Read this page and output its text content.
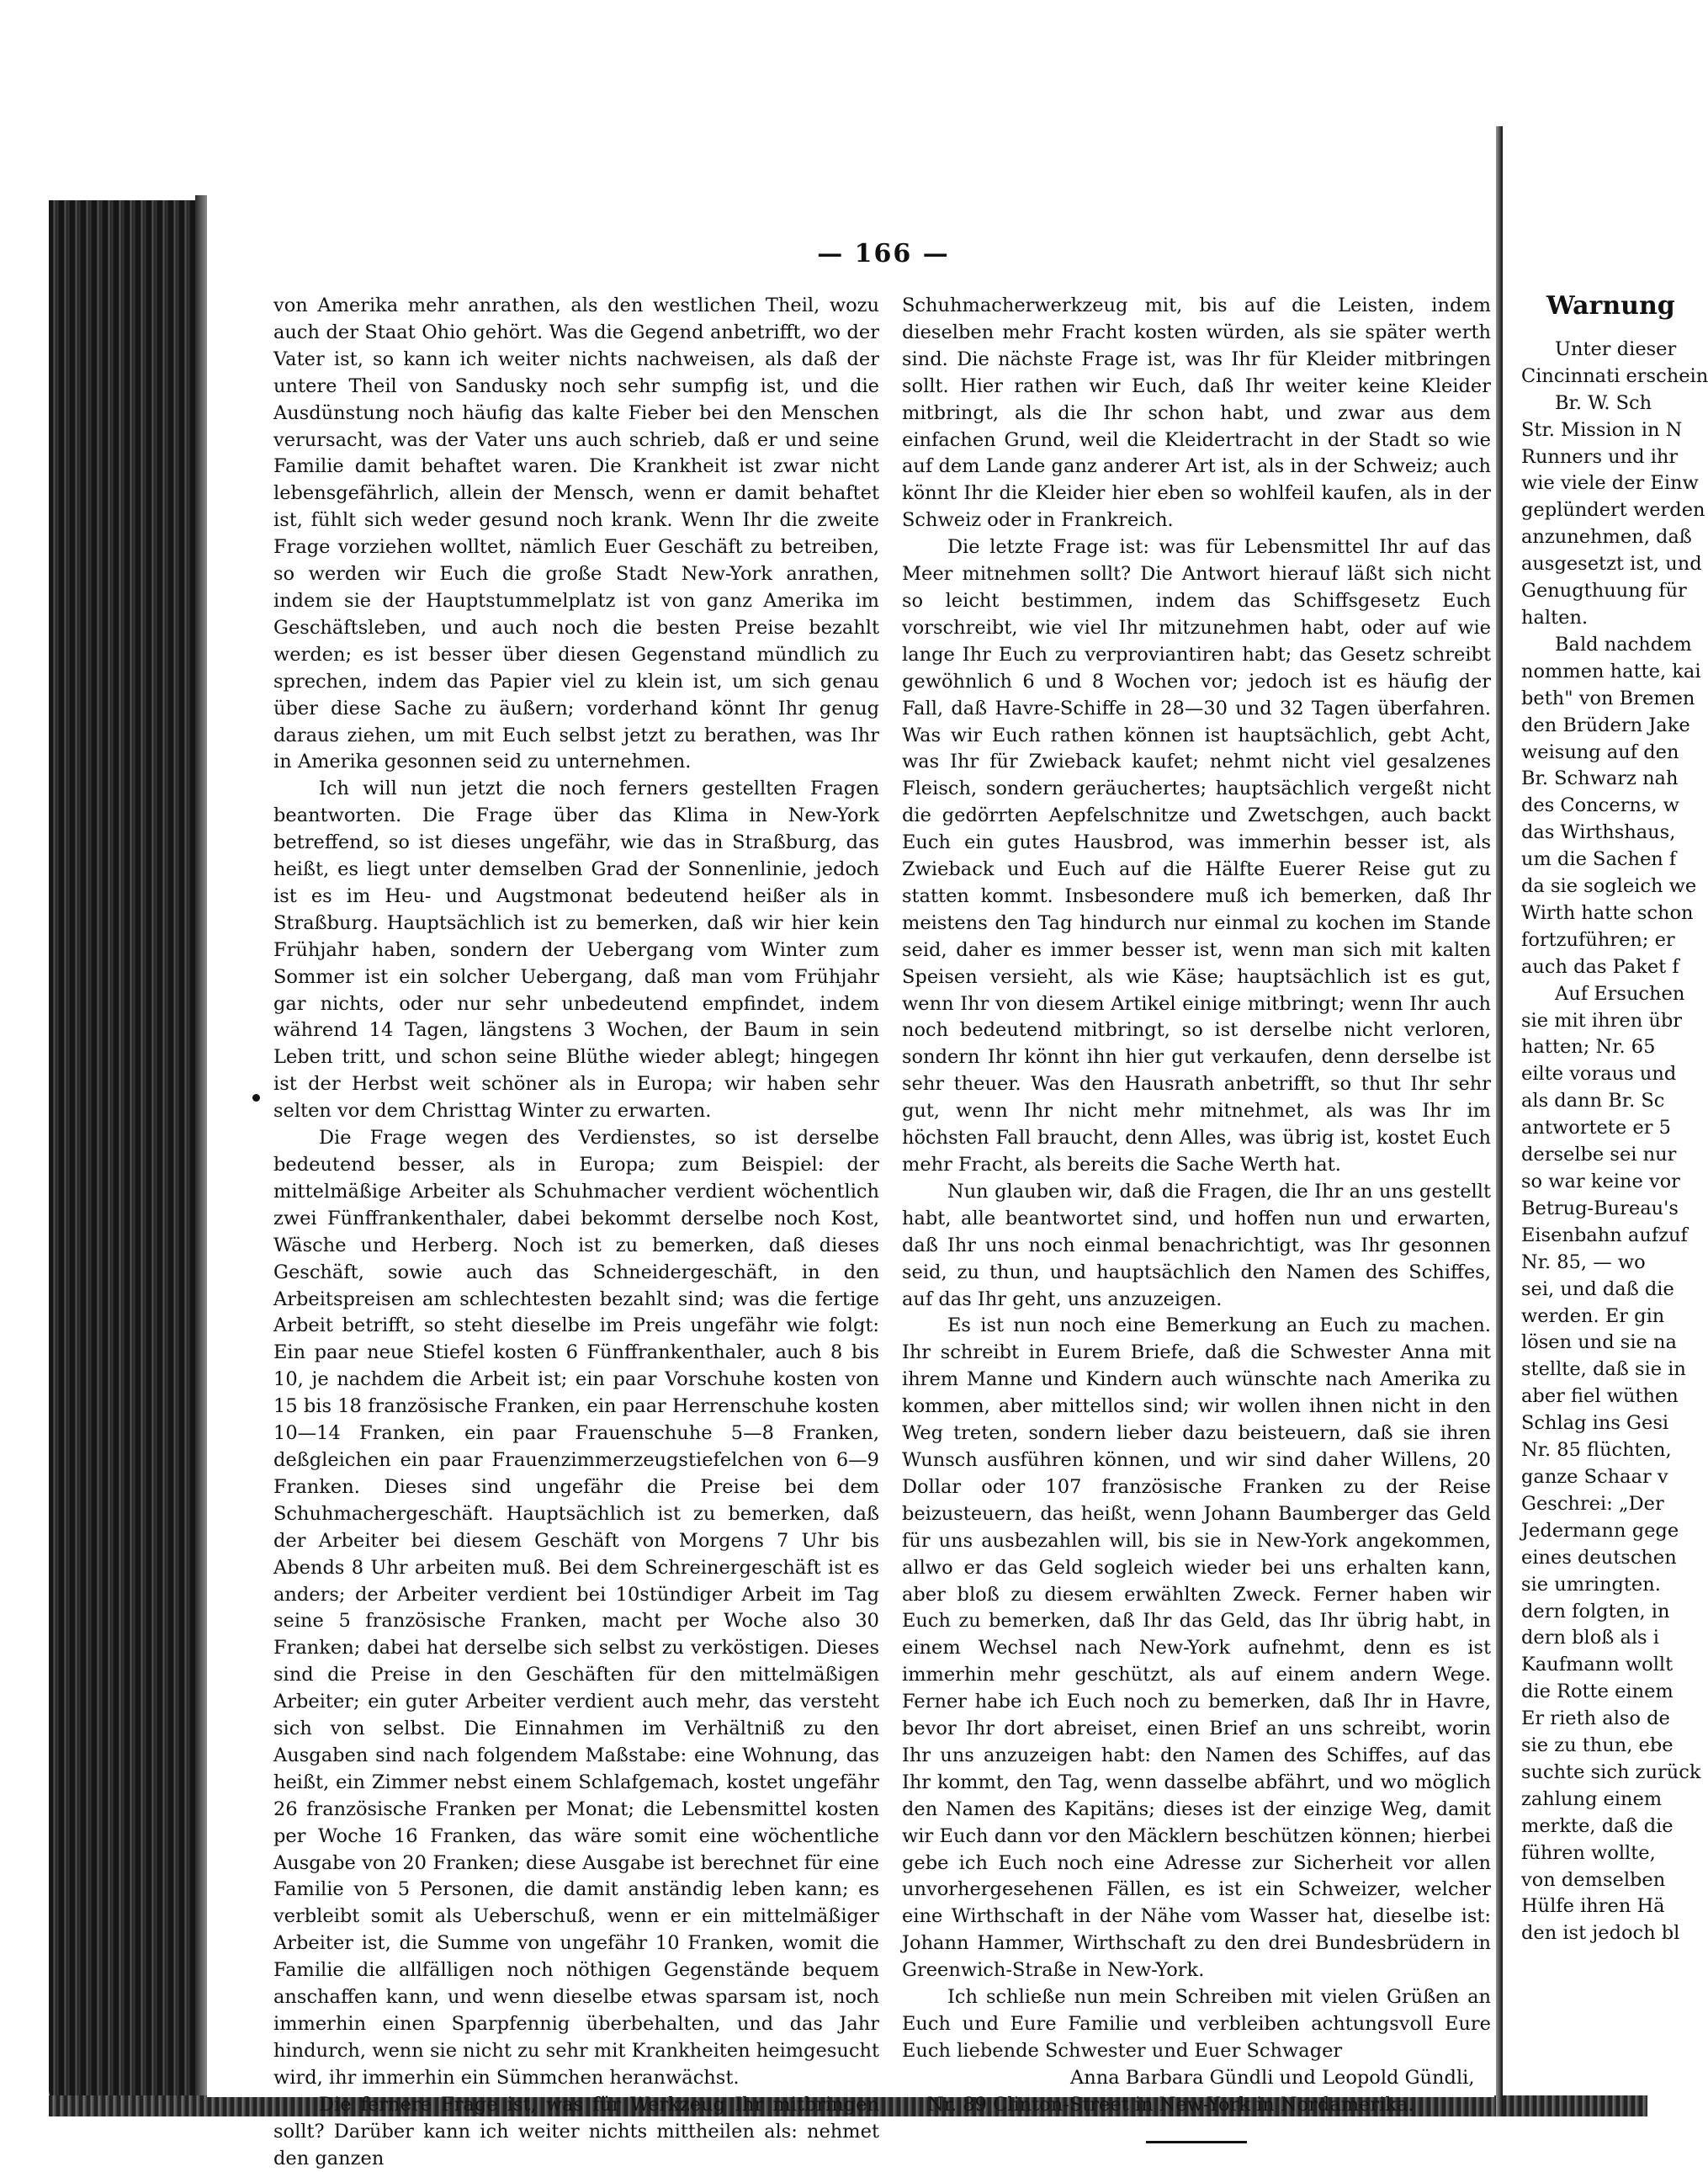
— 166 —

von Amerika mehr anrathen, als den westlichen Theil, wozu auch der Staat Ohio gehört. Was die Gegend anbetrifft, wo der Vater ist, so kann ich weiter nichts nachweisen, als daß der untere Theil von Sandusky noch sehr sumpfig ist, und die Ausdünstung noch häufig das kalte Fieber bei den Menschen verursacht, was der Vater uns auch schrieb, daß er und seine Familie damit behaftet waren. Die Krankheit ist zwar nicht lebensgefährlich, allein der Mensch, wenn er damit behaftet ist, fühlt sich weder gesund noch krank. Wenn Ihr die zweite Frage vorziehen wolltet, nämlich Euer Geschäft zu betreiben, so werden wir Euch die große Stadt New-York anrathen, indem sie der Hauptstummelplatz ist von ganz Amerika im Geschäftsleben, und auch noch die besten Preise bezahlt werden; es ist besser über diesen Gegenstand mündlich zu sprechen, indem das Papier viel zu klein ist, um sich genau über diese Sache zu äußern; vorderhand könnt Ihr genug daraus ziehen, um mit Euch selbst jetzt zu berathen, was Ihr in Amerika gesonnen seid zu unternehmen.

Ich will nun jetzt die noch ferners gestellten Fragen beantworten. Die Frage über das Klima in New-York betreffend, so ist dieses ungefähr, wie das in Straßburg, das heißt, es liegt unter demselben Grad der Sonnenlinie, jedoch ist es im Heu- und Augstmonat bedeutend heißer als in Straßburg. Hauptsächlich ist zu bemerken, daß wir hier kein Frühjahr haben, sondern der Uebergang vom Winter zum Sommer ist ein solcher Uebergang, daß man vom Frühjahr gar nichts, oder nur sehr unbedeutend empfindet, indem während 14 Tagen, längstens 3 Wochen, der Baum in sein Leben tritt, und schon seine Blüthe wieder ablegt; hingegen ist der Herbst weit schöner als in Europa; wir haben sehr selten vor dem Christtag Winter zu erwarten.

Die Frage wegen des Verdienstes, so ist derselbe bedeutend besser, als in Europa; zum Beispiel: der mittelmäßige Arbeiter als Schuhmacher verdient wöchentlich zwei Fünffrankenthaler, dabei bekommt derselbe noch Kost, Wäsche und Herberg. Noch ist zu bemerken, daß dieses Geschäft, sowie auch das Schneidergeschäft, in den Arbeitspreisen am schlechtesten bezahlt sind; was die fertige Arbeit betrifft, so steht dieselbe im Preis ungefähr wie folgt: Ein paar neue Stiefel kosten 6 Fünffrankenthaler, auch 8 bis 10, je nachdem die Arbeit ist; ein paar Vorschuhe kosten von 15 bis 18 französische Franken, ein paar Herrenschuhe kosten 10—14 Franken, ein paar Frauenschuhe 5—8 Franken, deßgleichen ein paar Frauenzimmerzeugstiefelchen von 6—9 Franken. Dieses sind ungefähr die Preise bei dem Schuhmachergeschäft. Hauptsächlich ist zu bemerken, daß der Arbeiter bei diesem Geschäft von Morgens 7 Uhr bis Abends 8 Uhr arbeiten muß. Bei dem Schreinergeschäft ist es anders; der Arbeiter verdient bei 10stündiger Arbeit im Tag seine 5 französische Franken, macht per Woche also 30 Franken; dabei hat derselbe sich selbst zu verköstigen. Dieses sind die Preise in den Geschäften für den mittelmäßigen Arbeiter; ein guter Arbeiter verdient auch mehr, das versteht sich von selbst. Die Einnahmen im Verhältniß zu den Ausgaben sind nach folgendem Maßstabe: eine Wohnung, das heißt, ein Zimmer nebst einem Schlafgemach, kostet ungefähr 26 französische Franken per Monat; die Lebensmittel kosten per Woche 16 Franken, das wäre somit eine wöchentliche Ausgabe von 20 Franken; diese Ausgabe ist berechnet für eine Familie von 5 Personen, die damit anständig leben kann; es verbleibt somit als Ueberschuß, wenn er ein mittelmäßiger Arbeiter ist, die Summe von ungefähr 10 Franken, womit die Familie die allfälligen noch nöthigen Gegenstände bequem anschaffen kann, und wenn dieselbe etwas sparsam ist, noch immerhin einen Sparpfennig überbehalten, und das Jahr hindurch, wenn sie nicht zu sehr mit Krankheiten heimgesucht wird, ihr immerhin ein Sümmchen heranwächst.

Die fernere Frage ist, was für Werkzeug Ihr mitbringen sollt? Darüber kann ich weiter nichts mittheilen als: nehmet den ganzen

Schuhmacherwerkzeug mit, bis auf die Leisten, indem dieselben mehr Fracht kosten würden, als sie später werth sind. Die nächste Frage ist, was Ihr für Kleider mitbringen sollt. Hier rathen wir Euch, daß Ihr weiter keine Kleider mitbringt, als die Ihr schon habt, und zwar aus dem einfachen Grund, weil die Kleidertracht in der Stadt so wie auf dem Lande ganz anderer Art ist, als in der Schweiz; auch könnt Ihr die Kleider hier eben so wohlfeil kaufen, als in der Schweiz oder in Frankreich.

Die letzte Frage ist: was für Lebensmittel Ihr auf das Meer mitnehmen sollt? Die Antwort hierauf läßt sich nicht so leicht bestimmen, indem das Schiffsgesetz Euch vorschreibt, wie viel Ihr mitzunehmen habt, oder auf wie lange Ihr Euch zu verproviantiren habt; das Gesetz schreibt gewöhnlich 6 und 8 Wochen vor; jedoch ist es häufig der Fall, daß Havre-Schiffe in 28—30 und 32 Tagen überfahren. Was wir Euch rathen können ist hauptsächlich, gebt Acht, was Ihr für Zwieback kaufet; nehmt nicht viel gesalzenes Fleisch, sondern geräuchertes; hauptsächlich vergeßt nicht die gedörrten Aepfelschnitze und Zwetschgen, auch backt Euch ein gutes Hausbrod, was immerhin besser ist, als Zwieback und Euch auf die Hälfte Euerer Reise gut zu statten kommt. Insbesondere muß ich bemerken, daß Ihr meistens den Tag hindurch nur einmal zu kochen im Stande seid, daher es immer besser ist, wenn man sich mit kalten Speisen versieht, als wie Käse; hauptsächlich ist es gut, wenn Ihr von diesem Artikel einige mitbringt; wenn Ihr auch noch bedeutend mitbringt, so ist derselbe nicht verloren, sondern Ihr könnt ihn hier gut verkaufen, denn derselbe ist sehr theuer. Was den Hausrath anbetrifft, so thut Ihr sehr gut, wenn Ihr nicht mehr mitnehmet, als was Ihr im höchsten Fall braucht, denn Alles, was übrig ist, kostet Euch mehr Fracht, als bereits die Sache Werth hat.

Nun glauben wir, daß die Fragen, die Ihr an uns gestellt habt, alle beantwortet sind, und hoffen nun und erwarten, daß Ihr uns noch einmal benachrichtigt, was Ihr gesonnen seid, zu thun, und hauptsächlich den Namen des Schiffes, auf das Ihr geht, uns anzuzeigen.

Es ist nun noch eine Bemerkung an Euch zu machen. Ihr schreibt in Eurem Briefe, daß die Schwester Anna mit ihrem Manne und Kindern auch wünschte nach Amerika zu kommen, aber mittellos sind; wir wollen ihnen nicht in den Weg treten, sondern lieber dazu beisteuern, daß sie ihren Wunsch ausführen können, und wir sind daher Willens, 20 Dollar oder 107 französische Franken zu der Reise beizusteuern, das heißt, wenn Johann Baumberger das Geld für uns ausbezahlen will, bis sie in New-York angekommen, allwo er das Geld sogleich wieder bei uns erhalten kann, aber bloß zu diesem erwählten Zweck. Ferner haben wir Euch zu bemerken, daß Ihr das Geld, das Ihr übrig habt, in einem Wechsel nach New-York aufnehmt, denn es ist immerhin mehr geschützt, als auf einem andern Wege. Ferner habe ich Euch noch zu bemerken, daß Ihr in Havre, bevor Ihr dort abreiset, einen Brief an uns schreibt, worin Ihr uns anzuzeigen habt: den Namen des Schiffes, auf das Ihr kommt, den Tag, wenn dasselbe abfährt, und wo möglich den Namen des Kapitäns; dieses ist der einzige Weg, damit wir Euch dann vor den Mäcklern beschützen können; hierbei gebe ich Euch noch eine Adresse zur Sicherheit vor allen unvorhergesehenen Fällen, es ist ein Schweizer, welcher eine Wirthschaft in der Nähe vom Wasser hat, dieselbe ist: Johann Hammer, Wirthschaft zu den drei Bundesbrüdern in Greenwich-Straße in New-York.

Ich schließe nun mein Schreiben mit vielen Grüßen an Euch und Eure Familie und verbleiben achtungsvoll Eure Euch liebende Schwester und Euer Schwager

Anna Barbara Gündli und Leopold Gündli,

Nr. 89 Clinton-Street in New-York in Nordamerika.

Warnung
Unter dieser
Cincinnati erschein
Br. W. Sch
Str. Mission in N
Runners und ihr
wie viele der Einw
geplündert werden
anzunehmen, daß
ausgesetzt ist, und
Genugthuung für
halten.
Bald nachdem
nommen hatte, kai
beth" von Bremen
den Brüdern Jake
weisung auf den
Br. Schwarz nah
des Concerns, w
das Wirthshaus,
um die Sachen f
da sie sogleich we
Wirth hatte schon
fortzuführen; er
auch das Paket f
Auf Ersuchen
sie mit ihren übr
hatten; Nr. 65
eilte voraus und
als dann Br. Sc
antwortete er 5
derselbe sei nur
so war keine vor
Betrug-Bureau's
Eisenbahn aufzuf
Nr. 85, — wo
sei, und daß die
werden. Er gin
lösen und sie na
stellte, daß sie in
aber fiel wüthen
Schlag ins Gesi
Nr. 85 flüchten,
ganze Schaar v
Geschrei: „Der
Jedermann gege
eines deutschen
sie umringten.
dern folgten, in
dern bloß als i
Kaufmann wollt
die Rotte einem
Er rieth also de
sie zu thun, ebe
suchte sich zurück
zahlung einem
merkte, daß die
führen wollte,
von demselben
Hülfe ihren Hä
den ist jedoch bl
